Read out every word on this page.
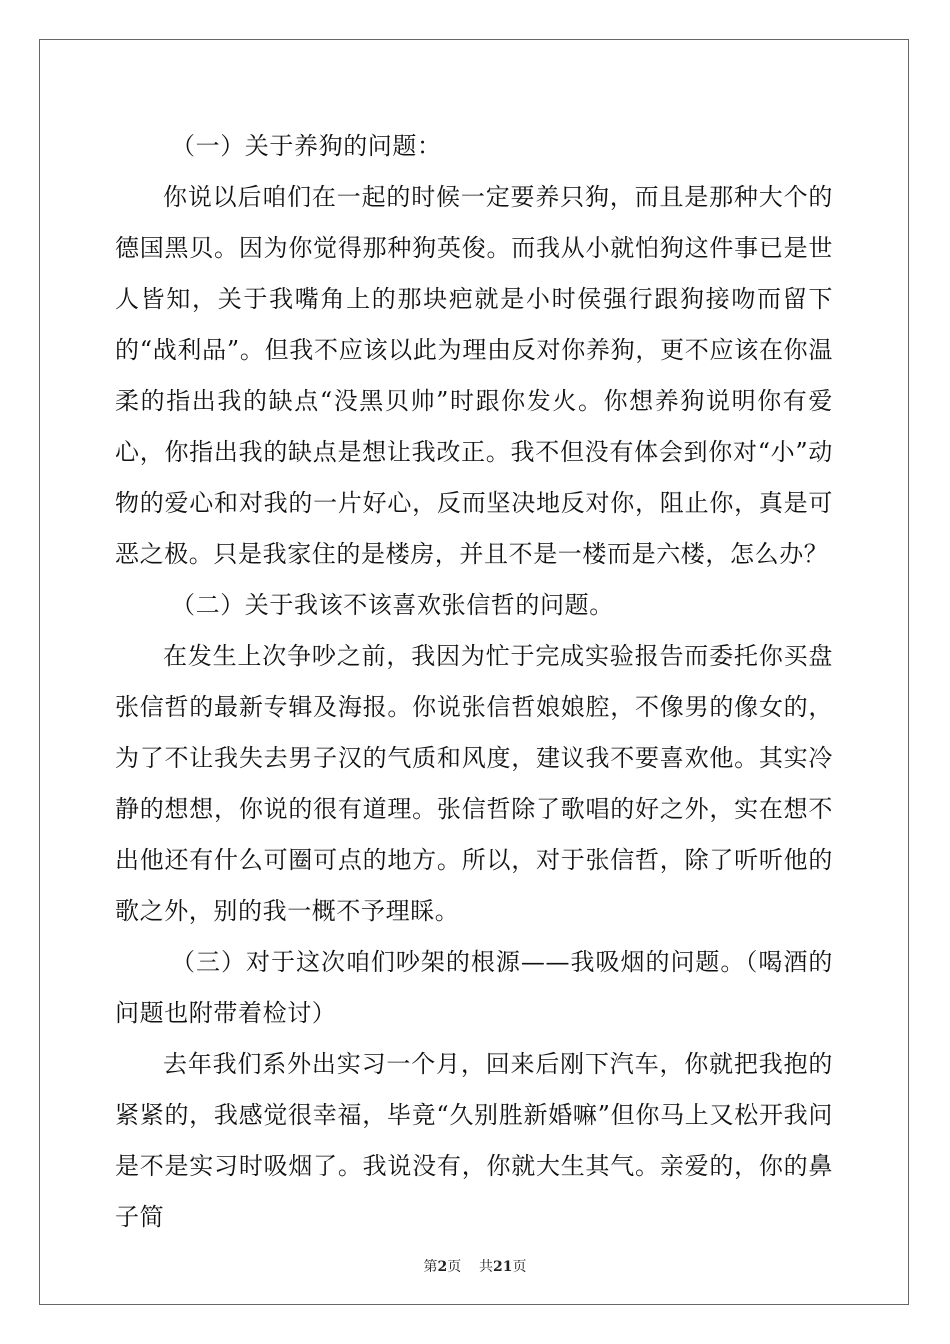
（一）关于养狗的问题：

你说以后咱们在一起的时候一定要养只狗，而且是那种大个的德国黑贝。因为你觉得那种狗英俊。而我从小就怕狗这件事已是世人皆知，关于我嘴角上的那块疤就是小时侯强行跟狗接吻而留下的“战利品”。但我不应该以此为理由反对你养狗，更不应该在你温柔的指出我的缺点“没黑贝帅”时跟你发火。你想养狗说明你有爱心，你指出我的缺点是想让我改正。我不但没有体会到你对“小”动物的爱心和对我的一片好心，反而坚决地反对你，阻止你，真是可恶之极。只是我家住的是楼房，并且不是一楼而是六楼，怎么办？

（二）关于我该不该喜欢张信哲的问题。

在发生上次争吵之前，我因为忙于完成实验报告而委托你买盘张信哲的最新专辑及海报。你说张信哲娘娘腔，不像男的像女的，为了不让我失去男子汉的气质和风度，建议我不要喜欢他。其实冷静的想想，你说的很有道理。张信哲除了歌唱的好之外，实在想不出他还有什么可圈可点的地方。所以，对于张信哲，除了听听他的歌之外，别的我一概不予理睬。

（三）对于这次咱们吵架的根源——我吸烟的问题。（喝酒的问题也附带着检讨）

去年我们系外出实习一个月，回来后刚下汽车，你就把我抱的紧紧的，我感觉很幸福，毕竟“久别胜新婚嘛”但你马上又松开我问是不是实习时吸烟了。我说没有，你就大生其气。亲爱的，你的鼻子简

第2页 共21页
